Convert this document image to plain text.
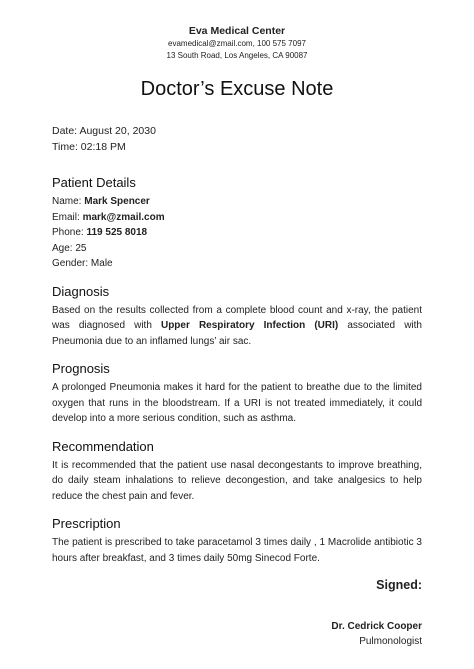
Eva Medical Center
evamedical@zmail.com, 100 575 7097
13 South Road, Los Angeles, CA 90087
Doctor’s Excuse Note
Date: August 20, 2030
Time: 02:18 PM
Patient Details
Name: Mark Spencer
Email: mark@zmail.com
Phone: 119 525 8018
Age: 25
Gender: Male
Diagnosis
Based on the results collected from a complete blood count and x-ray, the patient was diagnosed with Upper Respiratory Infection (URI) associated with Pneumonia due to an inflamed lungs’ air sac.
Prognosis
A prolonged Pneumonia makes it hard for the patient to breathe due to the limited oxygen that runs in the bloodstream. If a URI is not treated immediately, it could develop into a more serious condition, such as asthma.
Recommendation
It is recommended that the patient use nasal decongestants to improve breathing, do daily steam inhalations to relieve decongestion, and take analgesics to help reduce the chest pain and fever.
Prescription
The patient is prescribed to take paracetamol 3 times daily , 1 Macrolide antibiotic 3 hours after breakfast, and 3 times daily 50mg Sinecod Forte.
Signed:
Dr. Cedrick Cooper
Pulmonologist
